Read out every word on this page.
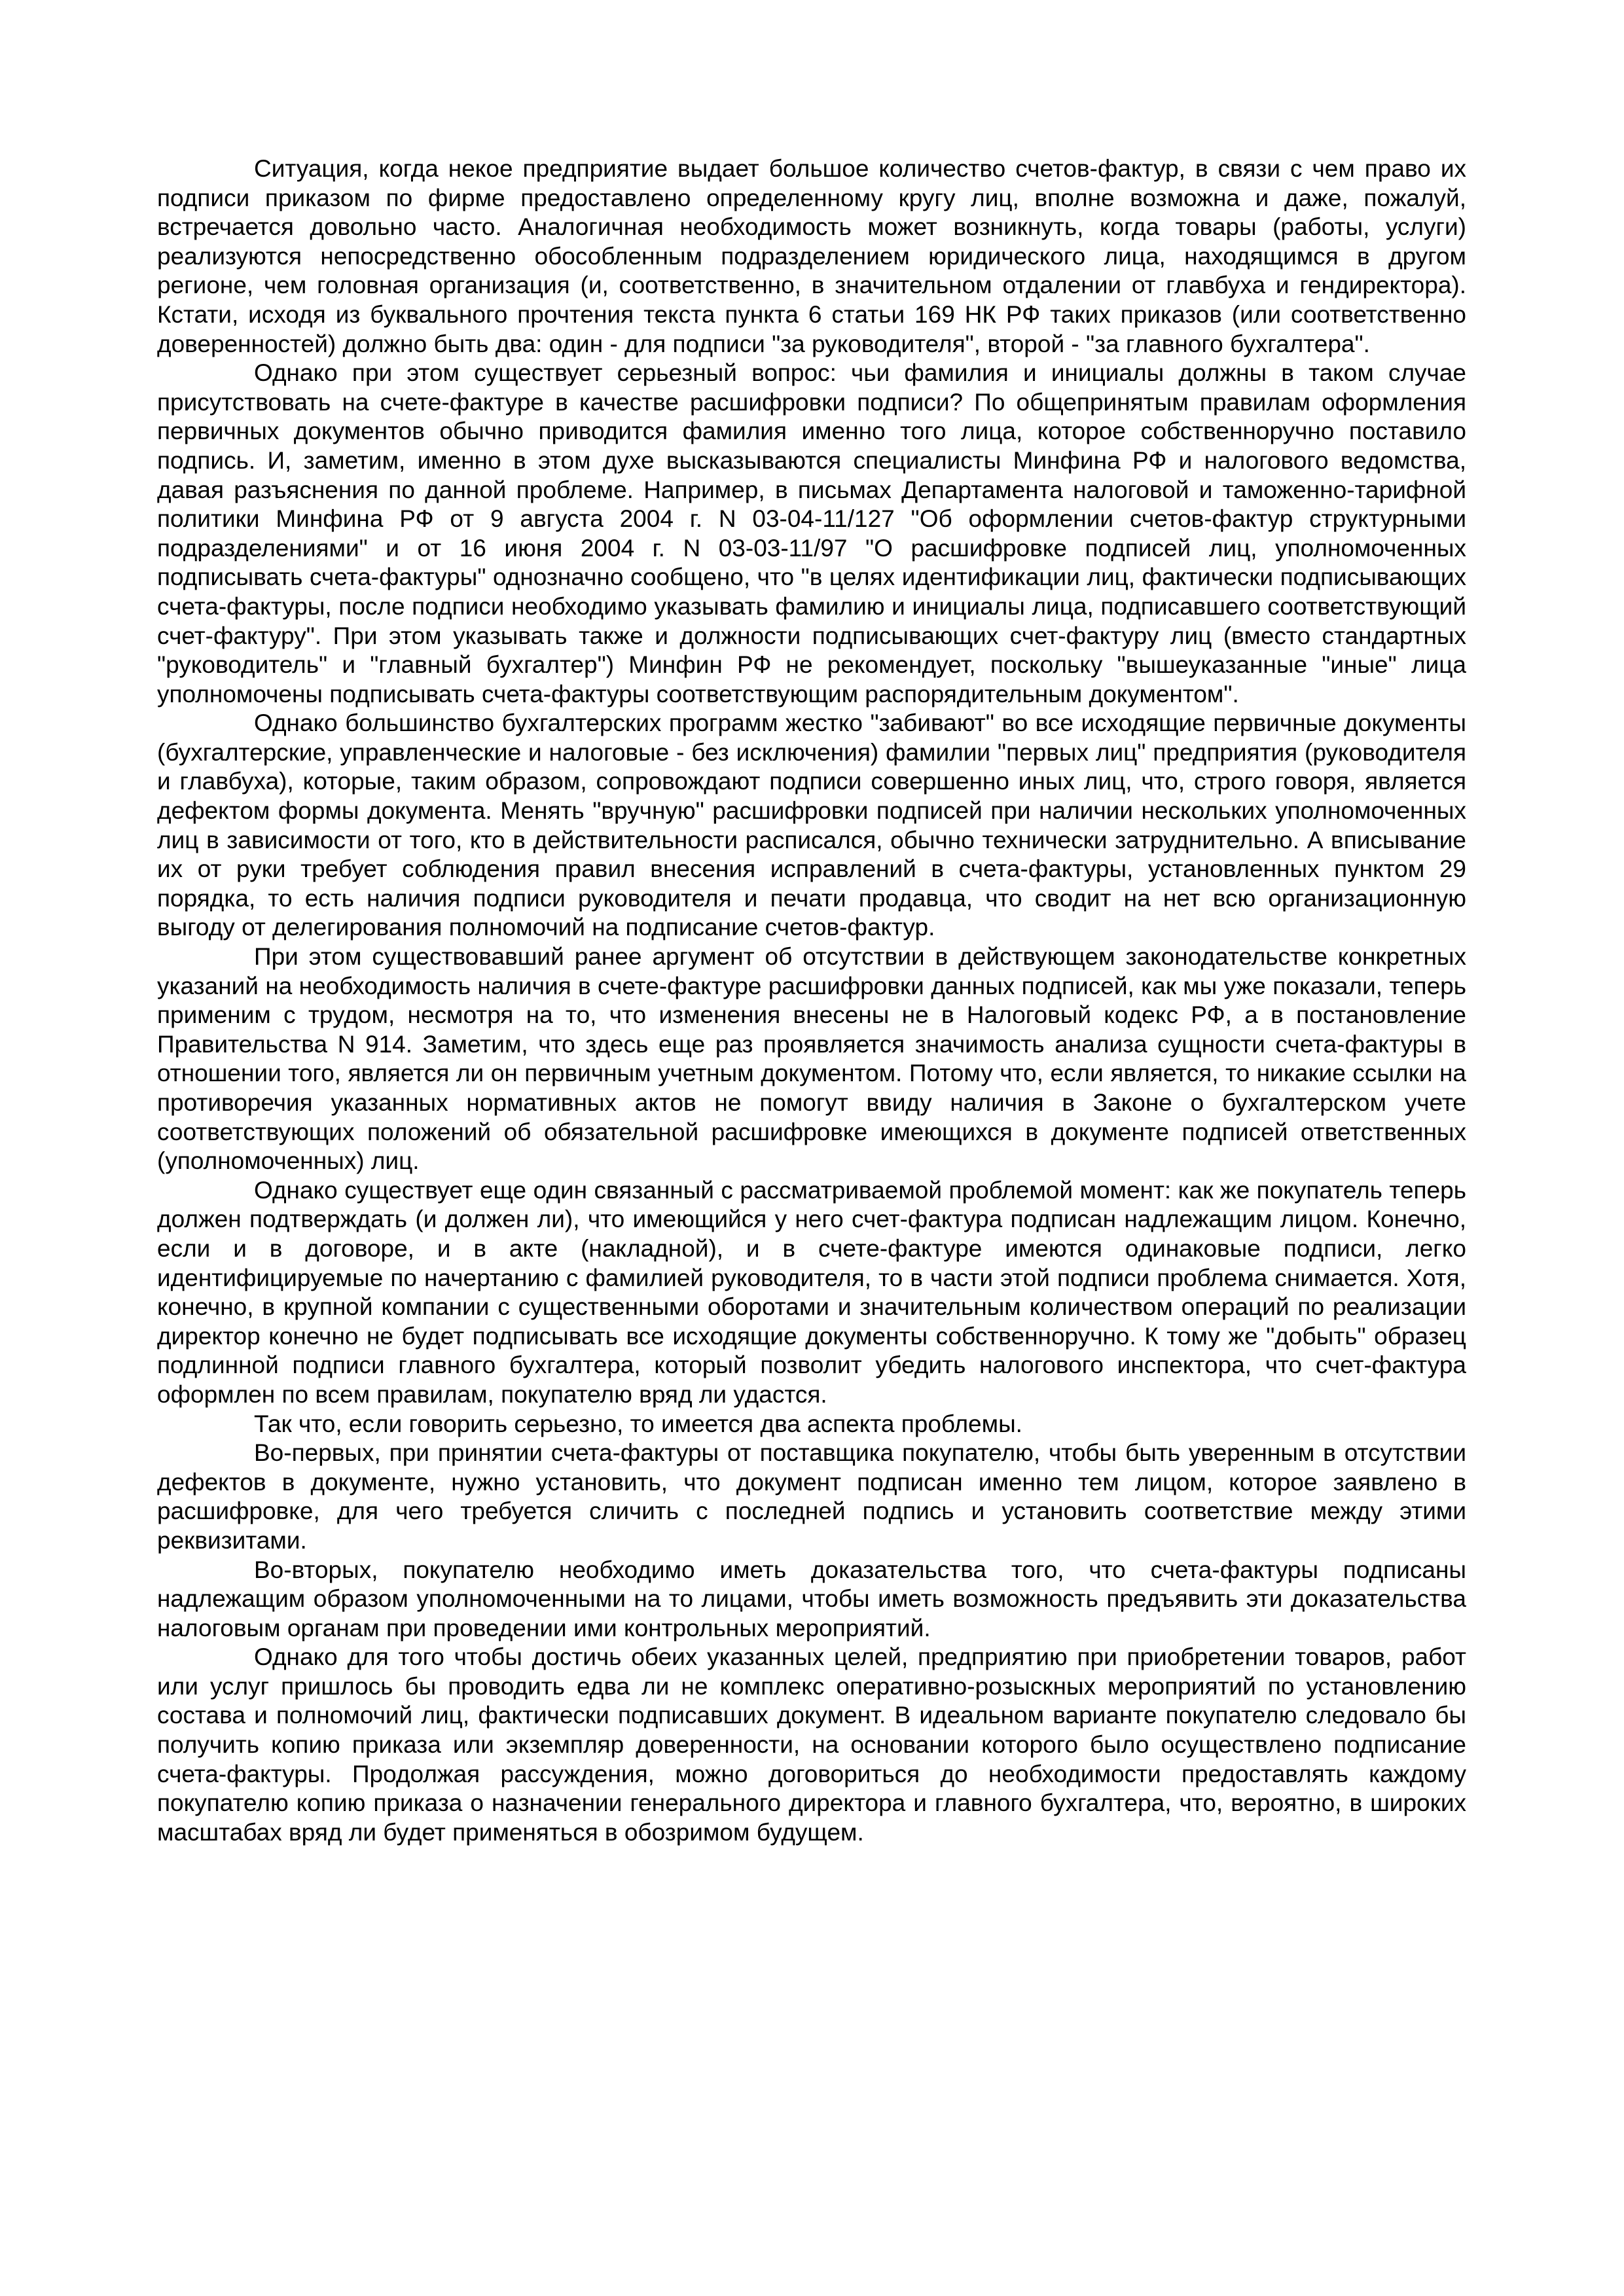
Ситуация, когда некое предприятие выдает большое количество счетов-фактур, в связи с чем право их подписи приказом по фирме предоставлено определенному кругу лиц, вполне возможна и даже, пожалуй, встречается довольно часто. Аналогичная необходимость может возникнуть, когда товары (работы, услуги) реализуются непосредственно обособленным подразделением юридического лица, находящимся в другом регионе, чем головная организация (и, соответственно, в значительном отдалении от главбуха и гендиректора). Кстати, исходя из буквального прочтения текста пункта 6 статьи 169 НК РФ таких приказов (или соответственно доверенностей) должно быть два: один - для подписи "за руководителя", второй - "за главного бухгалтера".

Однако при этом существует серьезный вопрос: чьи фамилия и инициалы должны в таком случае присутствовать на счете-фактуре в качестве расшифровки подписи? По общепринятым правилам оформления первичных документов обычно приводится фамилия именно того лица, которое собственноручно поставило подпись. И, заметим, именно в этом духе высказываются специалисты Минфина РФ и налогового ведомства, давая разъяснения по данной проблеме. Например, в письмах Департамента налоговой и таможенно-тарифной политики Минфина РФ от 9 августа 2004 г. N 03-04-11/127 "Об оформлении счетов-фактур структурными подразделениями" и от 16 июня 2004 г. N 03-03-11/97 "О расшифровке подписей лиц, уполномоченных подписывать счета-фактуры" однозначно сообщено, что "в целях идентификации лиц, фактически подписывающих счета-фактуры, после подписи необходимо указывать фамилию и инициалы лица, подписавшего соответствующий счет-фактуру". При этом указывать также и должности подписывающих счет-фактуру лиц (вместо стандартных "руководитель" и "главный бухгалтер") Минфин РФ не рекомендует, поскольку "вышеуказанные "иные" лица уполномочены подписывать счета-фактуры соответствующим распорядительным документом".

Однако большинство бухгалтерских программ жестко "забивают" во все исходящие первичные документы (бухгалтерские, управленческие и налоговые - без исключения) фамилии "первых лиц" предприятия (руководителя и главбуха), которые, таким образом, сопровождают подписи совершенно иных лиц, что, строго говоря, является дефектом формы документа. Менять "вручную" расшифровки подписей при наличии нескольких уполномоченных лиц в зависимости от того, кто в действительности расписался, обычно технически затруднительно. А вписывание их от руки требует соблюдения правил внесения исправлений в счета-фактуры, установленных пунктом 29 порядка, то есть наличия подписи руководителя и печати продавца, что сводит на нет всю организационную выгоду от делегирования полномочий на подписание счетов-фактур.

При этом существовавший ранее аргумент об отсутствии в действующем законодательстве конкретных указаний на необходимость наличия в счете-фактуре расшифровки данных подписей, как мы уже показали, теперь применим с трудом, несмотря на то, что изменения внесены не в Налоговый кодекс РФ, а в постановление Правительства N 914. Заметим, что здесь еще раз проявляется значимость анализа сущности счета-фактуры в отношении того, является ли он первичным учетным документом. Потому что, если является, то никакие ссылки на противоречия указанных нормативных актов не помогут ввиду наличия в Законе о бухгалтерском учете соответствующих положений об обязательной расшифровке имеющихся в документе подписей ответственных (уполномоченных) лиц.

Однако существует еще один связанный с рассматриваемой проблемой момент: как же покупатель теперь должен подтверждать (и должен ли), что имеющийся у него счет-фактура подписан надлежащим лицом. Конечно, если и в договоре, и в акте (накладной), и в счете-фактуре имеются одинаковые подписи, легко идентифицируемые по начертанию с фамилией руководителя, то в части этой подписи проблема снимается. Хотя, конечно, в крупной компании с существенными оборотами и значительным количеством операций по реализации директор конечно не будет подписывать все исходящие документы собственноручно. К тому же "добыть" образец подлинной подписи главного бухгалтера, который позволит убедить налогового инспектора, что счет-фактура оформлен по всем правилам, покупателю вряд ли удастся.

Так что, если говорить серьезно, то имеется два аспекта проблемы.

Во-первых, при принятии счета-фактуры от поставщика покупателю, чтобы быть уверенным в отсутствии дефектов в документе, нужно установить, что документ подписан именно тем лицом, которое заявлено в расшифровке, для чего требуется сличить с последней подпись и установить соответствие между этими реквизитами.

Во-вторых, покупателю необходимо иметь доказательства того, что счета-фактуры подписаны надлежащим образом уполномоченными на то лицами, чтобы иметь возможность предъявить эти доказательства налоговым органам при проведении ими контрольных мероприятий.

Однако для того чтобы достичь обеих указанных целей, предприятию при приобретении товаров, работ или услуг пришлось бы проводить едва ли не комплекс оперативно-розыскных мероприятий по установлению состава и полномочий лиц, фактически подписавших документ. В идеальном варианте покупателю следовало бы получить копию приказа или экземпляр доверенности, на основании которого было осуществлено подписание счета-фактуры. Продолжая рассуждения, можно договориться до необходимости предоставлять каждому покупателю копию приказа о назначении генерального директора и главного бухгалтера, что, вероятно, в широких масштабах вряд ли будет применяться в обозримом будущем.
